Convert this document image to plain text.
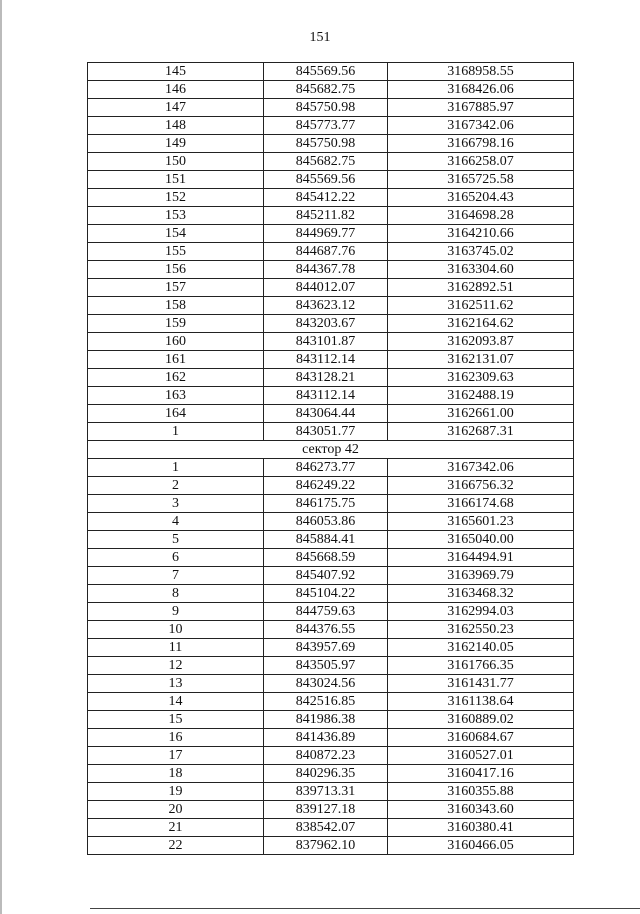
151
145	845569.56	3168958.55
146	845682.75	3168426.06
147	845750.98	3167885.97
148	845773.77	3167342.06
149	845750.98	3166798.16
150	845682.75	3166258.07
151	845569.56	3165725.58
152	845412.22	3165204.43
153	845211.82	3164698.28
154	844969.77	3164210.66
155	844687.76	3163745.02
156	844367.78	3163304.60
157	844012.07	3162892.51
158	843623.12	3162511.62
159	843203.67	3162164.62
160	843101.87	3162093.87
161	843112.14	3162131.07
162	843128.21	3162309.63
163	843112.14	3162488.19
164	843064.44	3162661.00
1	843051.77	3162687.31
сектор 42		
1	846273.77	3167342.06
2	846249.22	3166756.32
3	846175.75	3166174.68
4	846053.86	3165601.23
5	845884.41	3165040.00
6	845668.59	3164494.91
7	845407.92	3163969.79
8	845104.22	3163468.32
9	844759.63	3162994.03
10	844376.55	3162550.23
11	843957.69	3162140.05
12	843505.97	3161766.35
13	843024.56	3161431.77
14	842516.85	3161138.64
15	841986.38	3160889.02
16	841436.89	3160684.67
17	840872.23	3160527.01
18	840296.35	3160417.16
19	839713.31	3160355.88
20	839127.18	3160343.60
21	838542.07	3160380.41
22	837962.10	3160466.05
